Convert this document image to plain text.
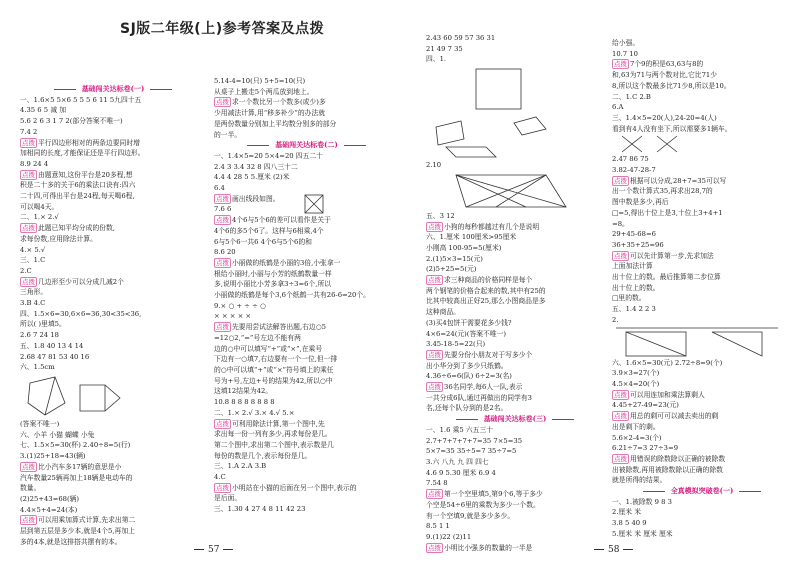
SJ版二年级(上)参考答案及点拨
基础闯关达标卷(一)
一、1.6×5 5×6 5 5 5 6 11 5九四十五
4.35 6 5 减 加
5.6 2 6 3 1 7 2(部分答案不唯一)
7.4 2
点拨 平行四边形相对的两条边要同时增
加相同的长度,才能保证还是平行四边形。
8.9 24 4
点拨 由题意知,这份平台是20多程,想
积是二十多的关于6的乘法口诀有:四六
二十四,可得出平台是24程,每天喝6程,
可以喝4天。
二、1.× 2.√
点拨 此题已知平均分成的份数,
求每份数,应用除法计算。
4.× 5.√
三、1.C
2.C
点拨 几边形至少可以分成几减2个
三角形。
3.B 4.C
四、1.5×6=30,6×6=36,30<35<36,
所以( )里填5。
2.6 7 24 18
五、1.8 40 13 4 14
2.68 47 81 53 40 16
六、1.5cm
(答案不唯一)
六、小羊 小猫 蝴蝶 小兔
七、1.5×5=30(杯) 2.40÷8=5(行)
3.(1)25+18=43(辆)
点拨 比小汽车多17辆的意思是小
汽车数量25辆再加上18辆是电动车的
数量。
(2)25+43=68(辆)
4.4×5+4=24(本)
点拨 可以用乘加算式计算,先求出第二
层到第五层是多少本,就是4个5,再加上
多的4本,就是这排搭共摆有的本。
5.14-4=10(只) 5+5=10(只)
从桌子上搬走5个两瓜放到地上。
点拨 求一个数比另一个数多(或少)多
少用减法计算,用“移多补少”的办法就
是两份数量分别加上平均数分别多的部分
的一半。
基础闯关达标卷(二)
一、1.4×5=20 5×4=20 四五二十
2.4 3 3.4 32 8 四八三十二
4.4 4 28 5 5.厘米 (2)米
6.4
点拨 画出线段如图。
7.6 6
点拨 4个6与5个6的差可以看作是关于
4个6的多5个6了。这样与6相乘,4个
6与5个6一共6 4个6与5个6的和
8.6 20
点拨 小丽做的纸鹤是小丽的3倍,小张拿一
根给小丽时,小丽与小芳的纸鹤数量一样
多,说明小丽比小芳多拿3÷3=6个,所以
小丽做的纸鹤是每个3,6个纸鹤一共有26-6=20个。
9.× ○ + ÷ ÷ ○
× × × × ×
点拨 先要用尝试法解答出题,右边○5
=12○2,“=”号左边不能有两
边的○中可以填写“+”或“×”,在乘号
下边有一○填7,右边要有一个一位,但一排
的○中可以填“+”或“×”符号填上的乘任
号为+号,左边+号的结果为42,所以○中
这填12结果为42。
10.8 8 8 8 8 8 8 8
二、1.× 2.√ 3.× 4.√ 5.×
点拨 可利用除法计算,第一个图中,先
求出每一份一列有多少,再求每份是几。
第二个图中,求出第二个图中,表示数是几
每份的数是几个,表示每份是几。
三、1.A 2.A 3.B
4.C
点拨 小明站在小猫的后面在另一个图中,表示的
是后面。
三、1.30 4 27 4 8 11 42 23
57
2.43 60 59 57 36 31
21 49 7 35
四、1.
2.10
五、3 12
点拨 小狗的每秒都越过有几个是说明
六、1.厘米 100厘米>95厘米
小刚高 100-95=5(厘米)
2.(1)5×3=15(元)
(2)5+25=5(元)
点拨 求三种商品的价格同样是每个
两个钢笔的价格合起来的数,其中有25的
比其中较高出正好25,那么小图商品是多
这种商品。
(3)买4包饼干需要花多少钱?
4×6=24(元)(答案不唯一)
3.45-18-5=22(只)
点拨 先要分份小朋友对于写多少个
出小华分到了多少只纸鹤。
4.36÷6=6(队) 6÷2=3(名)
点拨 36名同学,每6人一队,表示
一共分成6队,通过再做出的同学有3
名,还每个队分到的是2名。
基础闯关达标卷(三)
一、1.6 乘5 六五三十
2.7+7+7+7+7=35 7×5=35
5×7=35 35÷5=7 35÷7=5
3.六 八九 九 四 四七
4.6 9 5.30 厘米 6.9 4
7.54 8
点拨 第一个空里填5,第9个6,等于多少
个空是54÷6里的乘数为多少一个数。
有一个空填9,就是多少多少。
8.5 1 1
9.(1)22 (2)11
点拨 小明比小强多的数量的一半是
给小强。
10.7 10
点拨 7个9的积是63,63与8的
和,63为71与两个数对比,它比71少
8,所以这个数最多比71少8,所以是10。
二、1.C 2.B
6.A
三、1.4×5=20(人),24-20=4(人)
看到有4人没有坐下,所以需要多1辆车。
2.47 86 75
3.82-47-28-7
点拨 根据可以分成,28+7=35可以写
出一个数计算式35,再求出28,7的
图中数是多少,再后
□=5,得出十位上是3,十位上3+4+1
=8。
29+45-68=6
36+35+25=96
点拨 可以先计算第一步,先求加法
上面加法计算
出十位上的数。最后推算第二步位算
出十位上的数。
□里的数。
五、1.4 2 2 3
2.
六、1.6×5=30(元) 2.72÷8=9(个)
3.9×3=27(个)
4.5×4=20(个)
点拨 可以用连加和乘法算剩人
4.45+27-49=23(元)
点拨 用总的剩可可以减去卖出的剩
出是剩下的剩。
5.6×2-4=3(个)
6.21÷7=3 27÷3=9
点拨 用错误的除数除以正确的被除数
出被除数,再用被除数除以正确的除数
就是所得的结果。
全真模拟突破卷(一)
一、1.被除数 9 8 3
2.厘米 米
3.8 5 40 9
5.厘米 米 厘米 厘米
58
